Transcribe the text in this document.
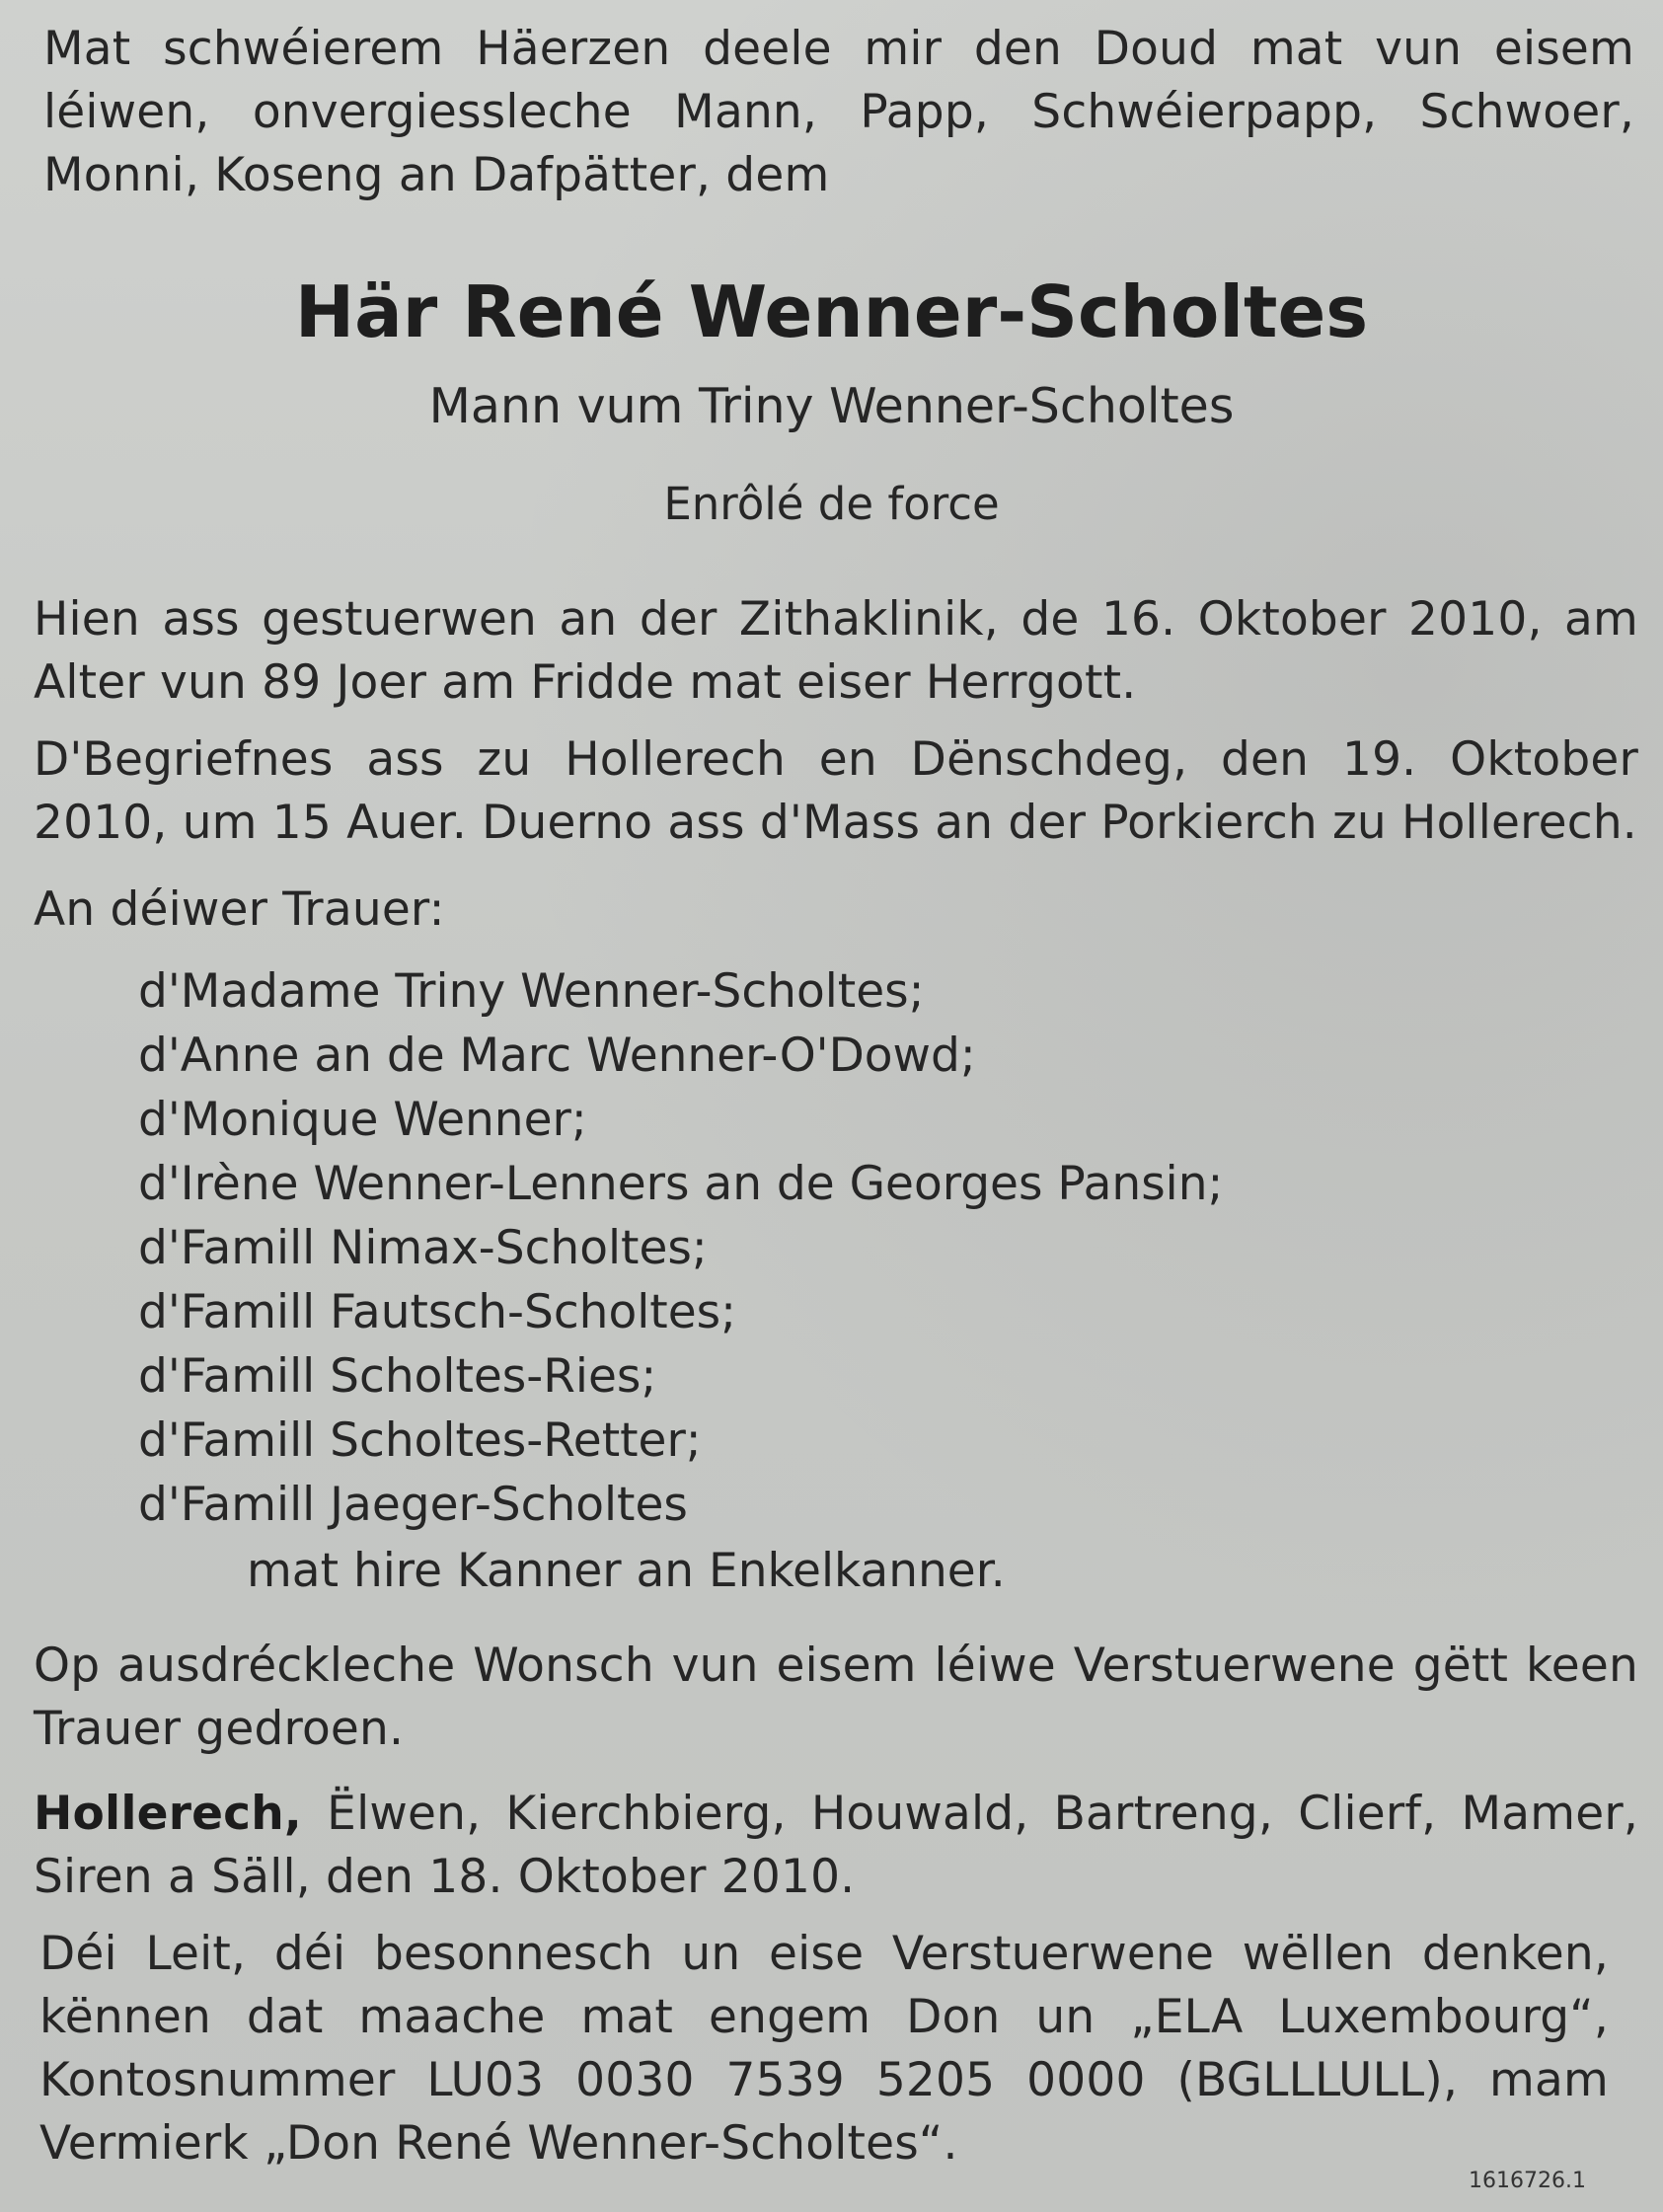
Mat schwéierem Häerzen deele mir den Doud mat vun eisem léiwen, onvergiessleche Mann, Papp, Schwéierpapp, Schwoer, Monni, Koseng an Dafpätter, dem
Här René Wenner-Scholtes
Mann vum Triny Wenner-Scholtes
Enrôlé de force
Hien ass gestuerwen an der Zithaklinik, de 16. Oktober 2010, am Alter vun 89 Joer am Fridde mat eiser Herrgott.
D'Begriefnes ass zu Hollerech en Dënschdeg, den 19. Oktober 2010, um 15 Auer. Duerno ass d'Mass an der Porkierch zu Hollerech.
An déiwer Trauer:
d'Madame Triny Wenner-Scholtes;
d'Anne an de Marc Wenner-O'Dowd;
d'Monique Wenner;
d'Irène Wenner-Lenners an de Georges Pansin;
d'Famill Nimax-Scholtes;
d'Famill Fautsch-Scholtes;
d'Famill Scholtes-Ries;
d'Famill Scholtes-Retter;
d'Famill Jaeger-Scholtes
mat hire Kanner an Enkelkanner.
Op ausdréckleche Wonsch vun eisem léiwe Verstuerwene gëtt keen Trauer gedroen.
Hollerech, Ëlwen, Kierchbierg, Houwald, Bartreng, Clierf, Mamer, Siren a Säll, den 18. Oktober 2010.
Déi Leit, déi besonnesch un eise Verstuerwene wëllen denken, kënnen dat maache mat engem Don un „ELA Luxembourg“, Kontosnummer LU03 0030 7539 5205 0000 (BGLLLULL), mam Vermierk „Don René Wenner-Scholtes“.
1616726.1
